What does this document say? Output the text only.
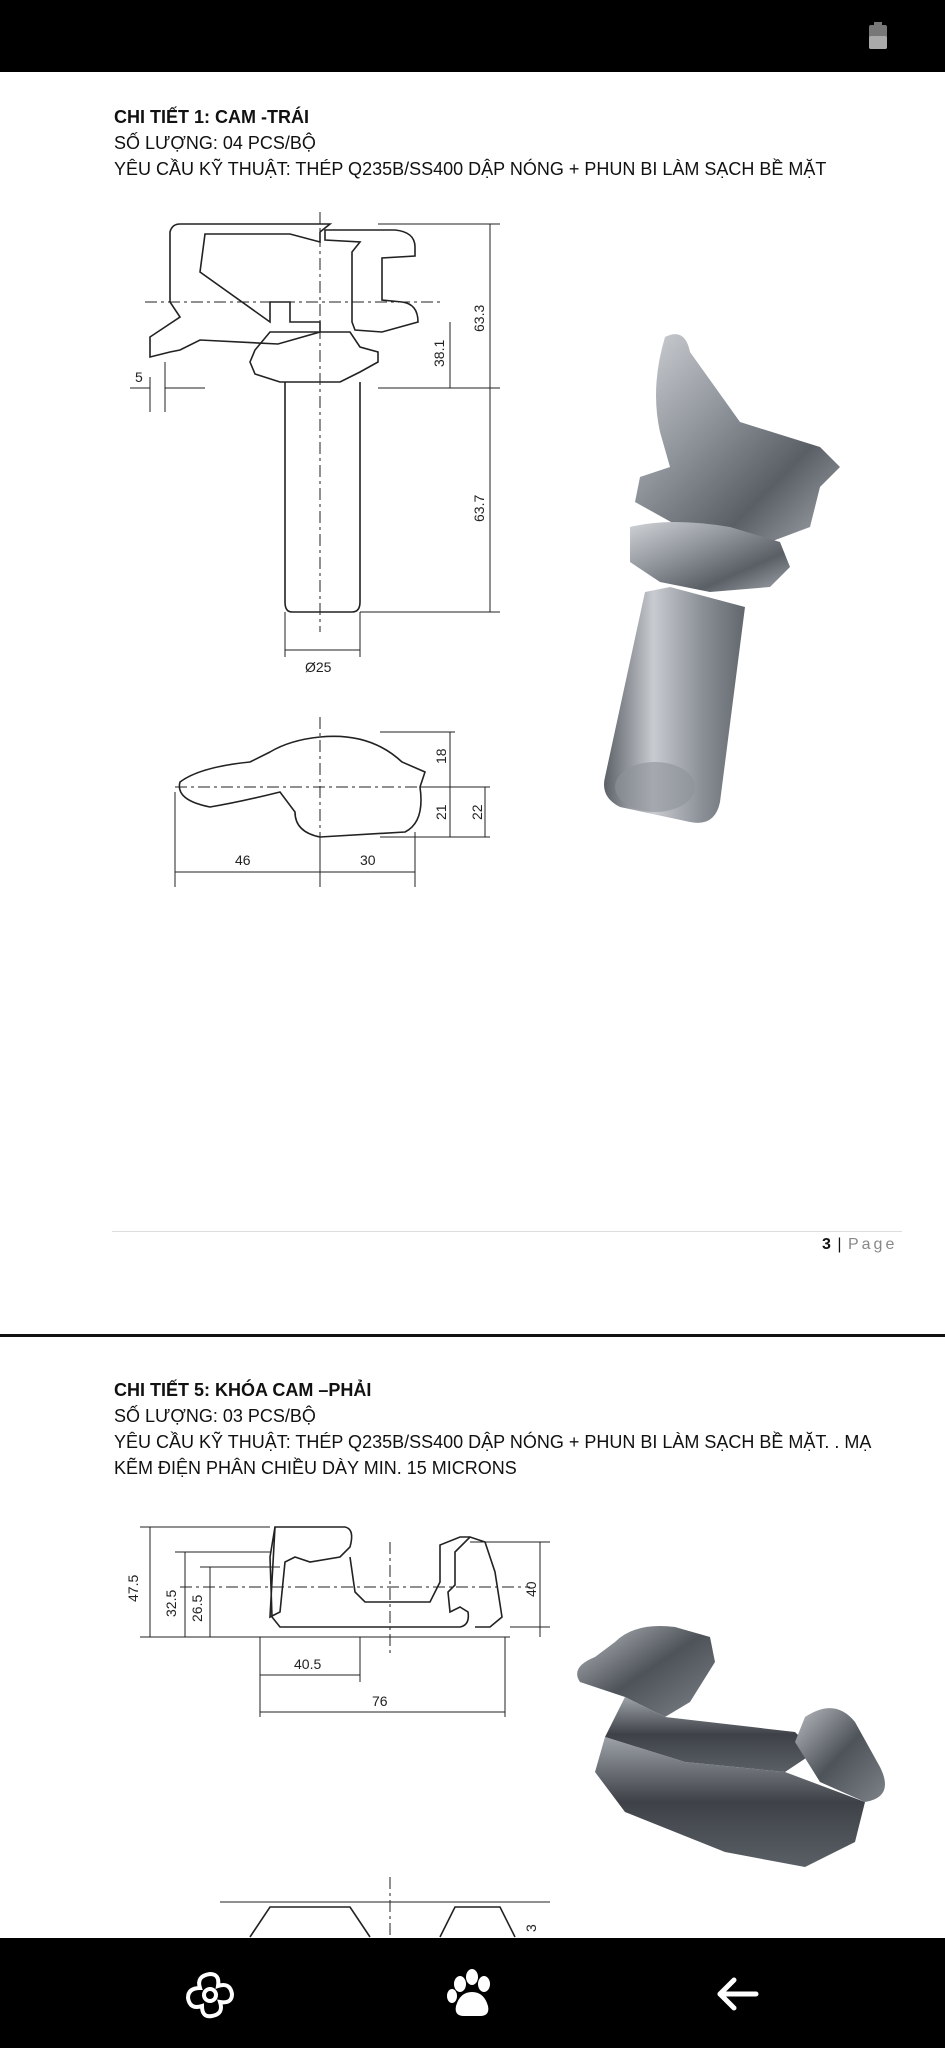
CHI TIẾT 1: CAM -TRÁI
SỐ LƯỢNG: 04 PCS/BỘ
YÊU CẦU KỸ THUẬT: THÉP Q235B/SS400 DẬP NÓNG + PHUN BI LÀM SẠCH BỀ MẶT
5
38.1
63.3
63.7
Ø25
18
21 22
46	30
3 | Page
CHI TIẾT 5: KHÓA CAM –PHẢI
SỐ LƯỢNG: 03 PCS/BỘ
YÊU CẦU KỸ THUẬT: THÉP Q235B/SS400 DẬP NÓNG + PHUN BI LÀM SẠCH BỀ MẶT. . MẠ KẼM ĐIỆN PHÂN CHIỀU DÀY MIN. 15 MICRONS
47.5
32.5 26.5
40
40.5
76
3
